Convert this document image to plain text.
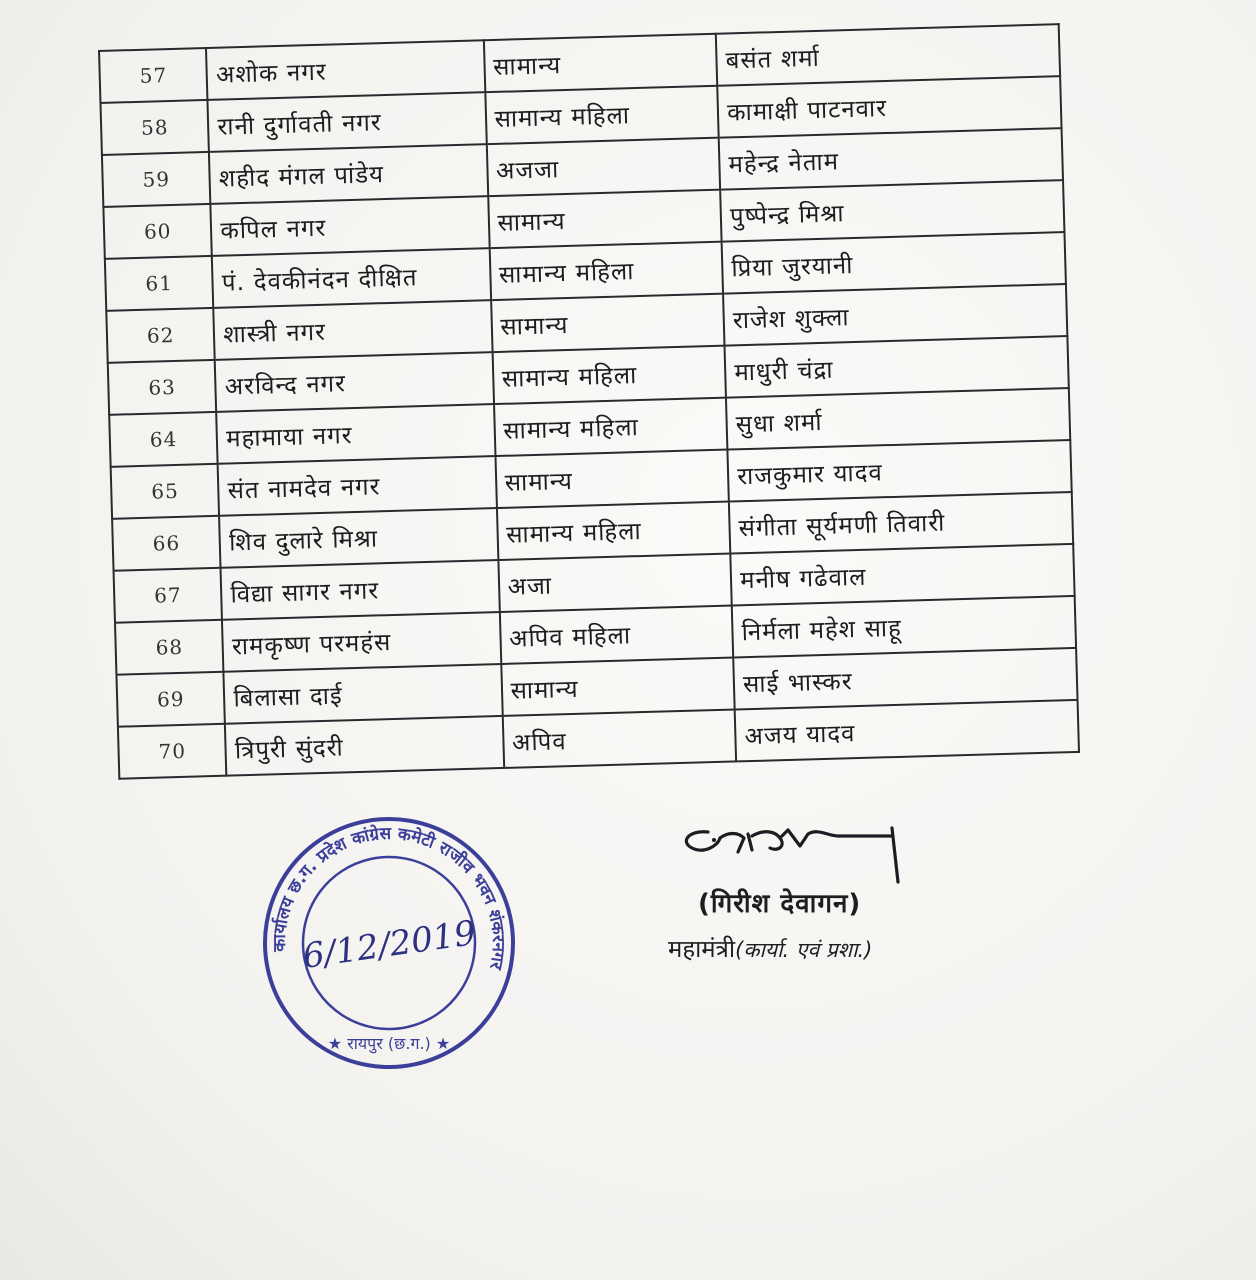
57	अशोक नगर	सामान्य	बसंत शर्मा
58	रानी दुर्गावती नगर	सामान्य महिला	कामाक्षी पाटनवार
59	शहीद मंगल पांडेय	अजजा	महेन्द्र नेताम
60	कपिल नगर	सामान्य	पुष्पेन्द्र मिश्रा
61	पं. देवकीनंदन दीक्षित	सामान्य महिला	प्रिया जुरयानी
62	शास्त्री नगर	सामान्य	राजेश शुक्ला
63	अरविन्द नगर	सामान्य महिला	माधुरी चंद्रा
64	महामाया नगर	सामान्य महिला	सुधा शर्मा
65	संत नामदेव नगर	सामान्य	राजकुमार यादव
66	शिव दुलारे मिश्रा	सामान्य महिला	संगीता सूर्यमणी तिवारी
67	विद्या सागर नगर	अजा	मनीष गढेवाल
68	रामकृष्ण परमहंस	अपिव महिला	निर्मला महेश साहू
69	बिलासा दाई	सामान्य	साई भास्कर
70	त्रिपुरी सुंदरी	अपिव	अजय यादव
(गिरीश देवागन)
महामंत्री(कार्या. एवं प्रशा.)
कार्यालय छ.ग. प्रदेश कांग्रेस कमेटी राजीव भवन शंकरनगर
★ रायपुर (छ.ग.) ★
6/12/2019
